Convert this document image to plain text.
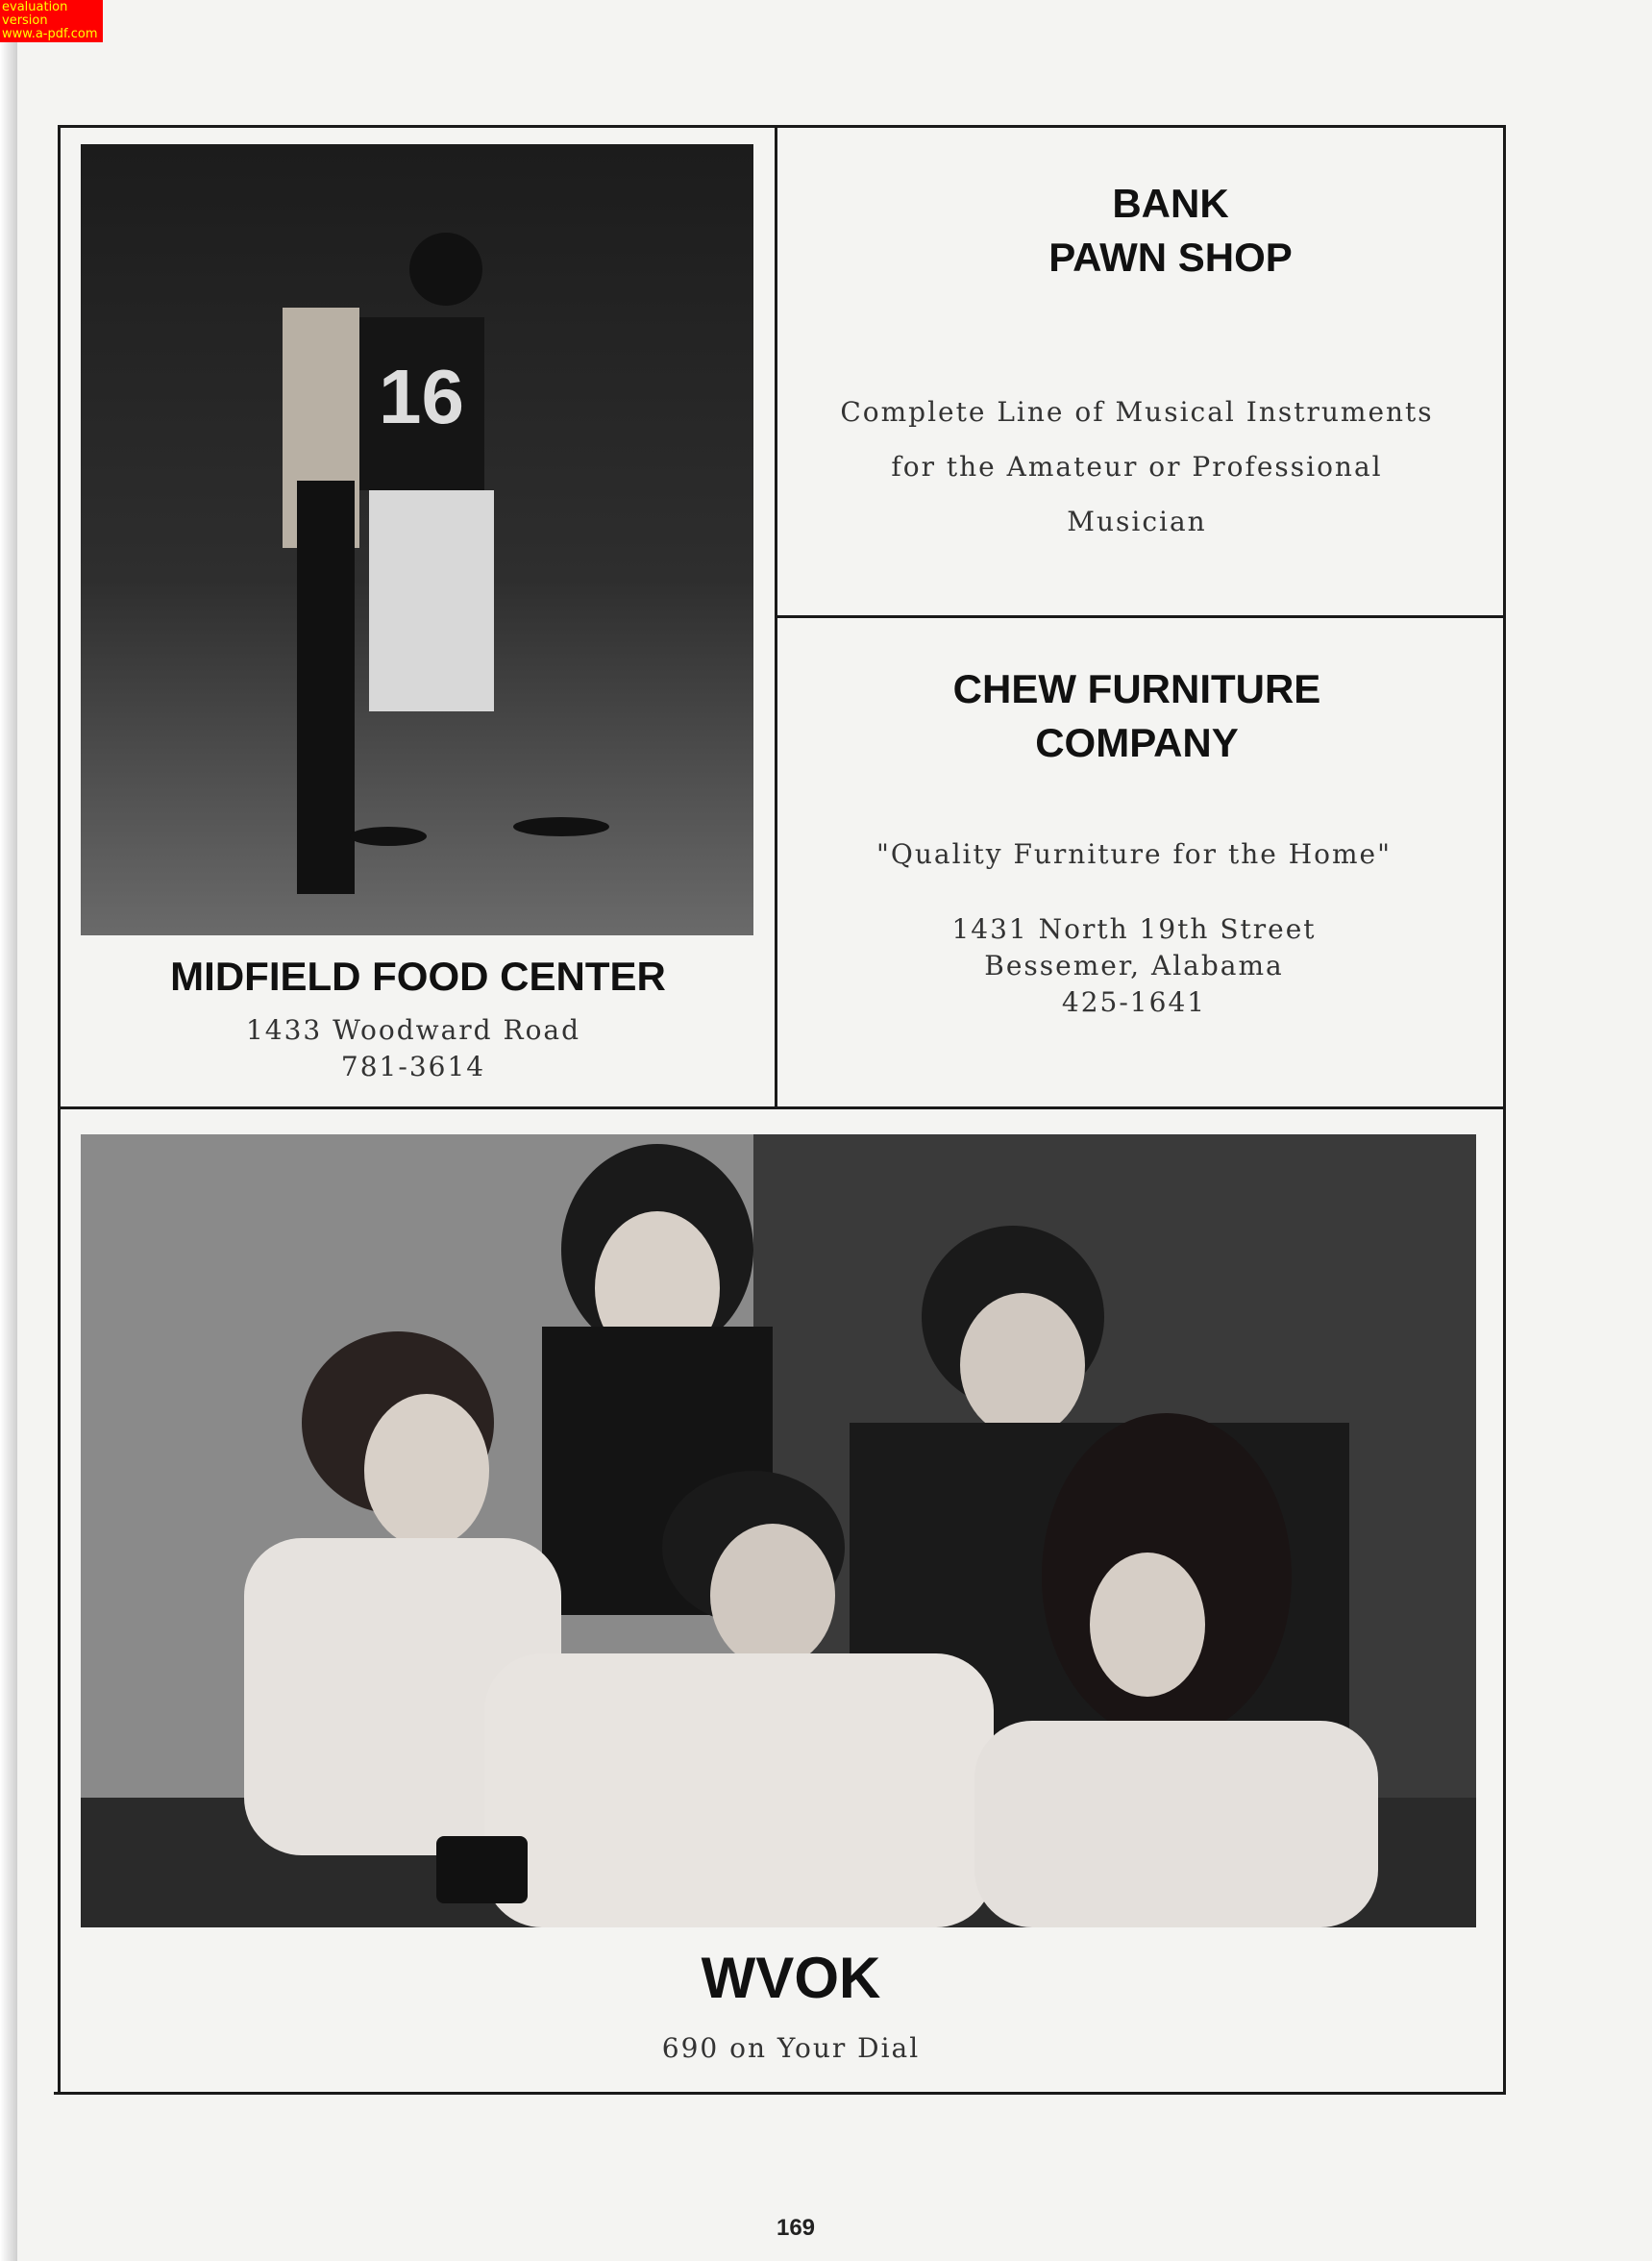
evaluation version
www.a-pdf.com
16
BANK
PAWN SHOP
Complete Line of Musical Instruments
for the Amateur or Professional
Musician
CHEW FURNITURE
COMPANY
"Quality Furniture for the Home"
1431 North 19th Street
Bessemer, Alabama
425-1641
MIDFIELD FOOD CENTER
1433 Woodward Road
781-3614
WVOK
690 on Your Dial
169
